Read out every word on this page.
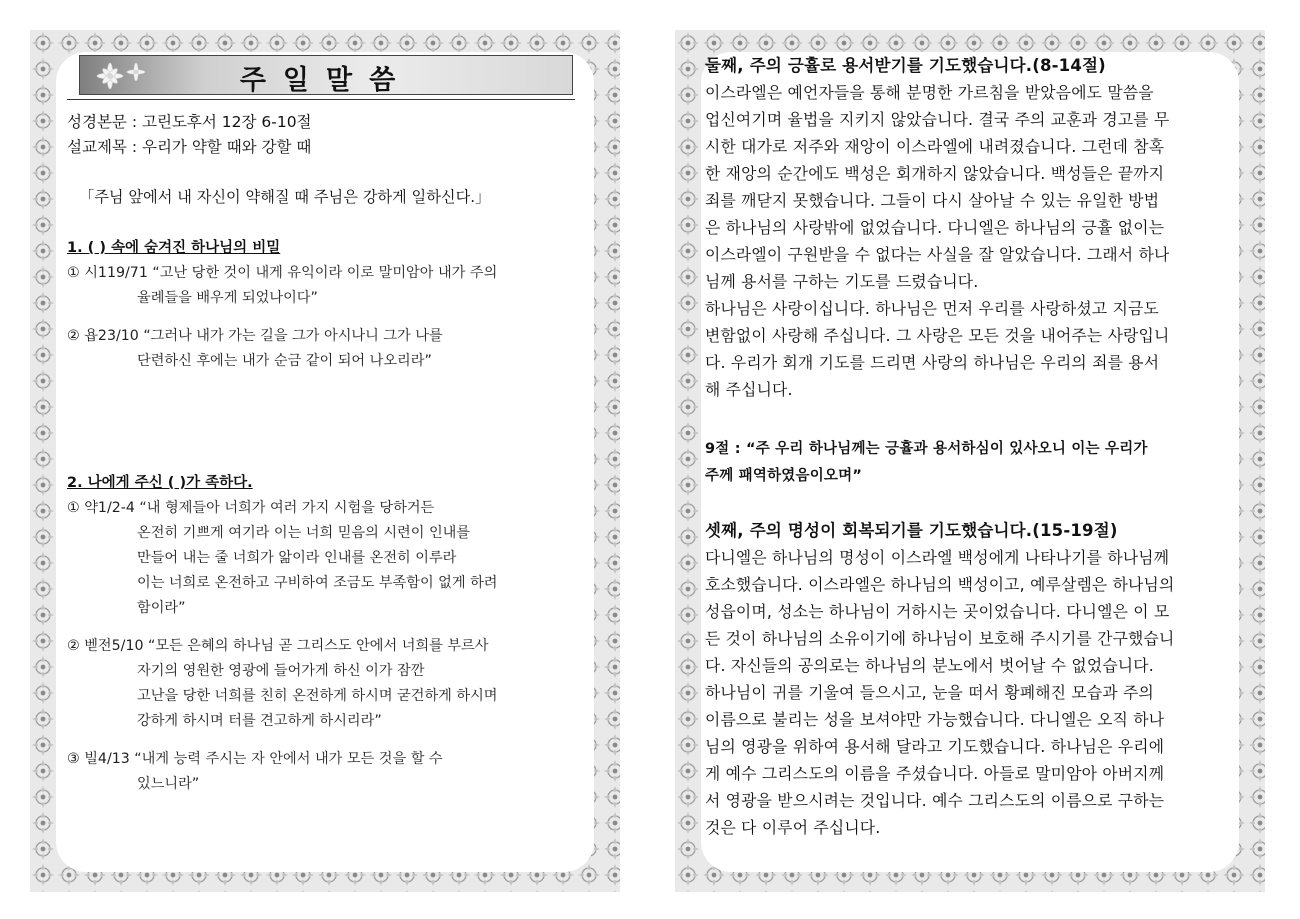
주일말씀
성경본문 : 고린도후서 12장 6-10절
설교제목 : 우리가 약할 때와 강할 때
「주님 앞에서 내 자신이 약해질 때 주님은 강하게 일하신다.」
1. ( ) 속에 숨겨진 하나님의 비밀
① 시119/71 “고난 당한 것이 내게 유익이라 이로 말미암아 내가 주의
율례들을 배우게 되었나이다”
② 욥23/10 “그러나 내가 가는 길을 그가 아시나니 그가 나를
단련하신 후에는 내가 순금 같이 되어 나오리라”
2. 나에게 주신 ( )가 족하다.
① 약1/2-4 “내 형제들아 너희가 여러 가지 시험을 당하거든
온전히 기쁘게 여기라 이는 너희 믿음의 시련이 인내를
만들어 내는 줄 너희가 앎이라 인내를 온전히 이루라
이는 너희로 온전하고 구비하여 조금도 부족함이 없게 하려
함이라”
② 벧전5/10 “모든 은혜의 하나님 곧 그리스도 안에서 너희를 부르사
자기의 영원한 영광에 들어가게 하신 이가 잠깐
고난을 당한 너희를 친히 온전하게 하시며 굳건하게 하시며
강하게 하시며 터를 견고하게 하시리라”
③ 빌4/13 “내게 능력 주시는 자 안에서 내가 모든 것을 할 수
있느니라”
둘째, 주의 긍휼로 용서받기를 기도했습니다.(8-14절)
이스라엘은 예언자들을 통해 분명한 가르침을 받았음에도 말씀을
업신여기며 율법을 지키지 않았습니다. 결국 주의 교훈과 경고를 무
시한 대가로 저주와 재앙이 이스라엘에 내려졌습니다. 그런데 참혹
한 재앙의 순간에도 백성은 회개하지 않았습니다. 백성들은 끝까지
죄를 깨닫지 못했습니다. 그들이 다시 살아날 수 있는 유일한 방법
은 하나님의 사랑밖에 없었습니다. 다니엘은 하나님의 긍휼 없이는
이스라엘이 구원받을 수 없다는 사실을 잘 알았습니다. 그래서 하나
님께 용서를 구하는 기도를 드렸습니다.
하나님은 사랑이십니다. 하나님은 먼저 우리를 사랑하셨고 지금도
변함없이 사랑해 주십니다. 그 사랑은 모든 것을 내어주는 사랑입니
다. 우리가 회개 기도를 드리면 사랑의 하나님은 우리의 죄를 용서
해 주십니다.
9절 : “주 우리 하나님께는 긍휼과 용서하심이 있사오니 이는 우리가
주께 패역하였음이오며”
셋째, 주의 명성이 회복되기를 기도했습니다.(15-19절)
다니엘은 하나님의 명성이 이스라엘 백성에게 나타나기를 하나님께
호소했습니다. 이스라엘은 하나님의 백성이고, 예루살렘은 하나님의
성읍이며, 성소는 하나님이 거하시는 곳이었습니다. 다니엘은 이 모
든 것이 하나님의 소유이기에 하나님이 보호해 주시기를 간구했습니
다. 자신들의 공의로는 하나님의 분노에서 벗어날 수 없었습니다.
하나님이 귀를 기울여 들으시고, 눈을 떠서 황폐해진 모습과 주의
이름으로 불리는 성을 보셔야만 가능했습니다. 다니엘은 오직 하나
님의 영광을 위하여 용서해 달라고 기도했습니다. 하나님은 우리에
게 예수 그리스도의 이름을 주셨습니다. 아들로 말미암아 아버지께
서 영광을 받으시려는 것입니다. 예수 그리스도의 이름으로 구하는
것은 다 이루어 주십니다.
